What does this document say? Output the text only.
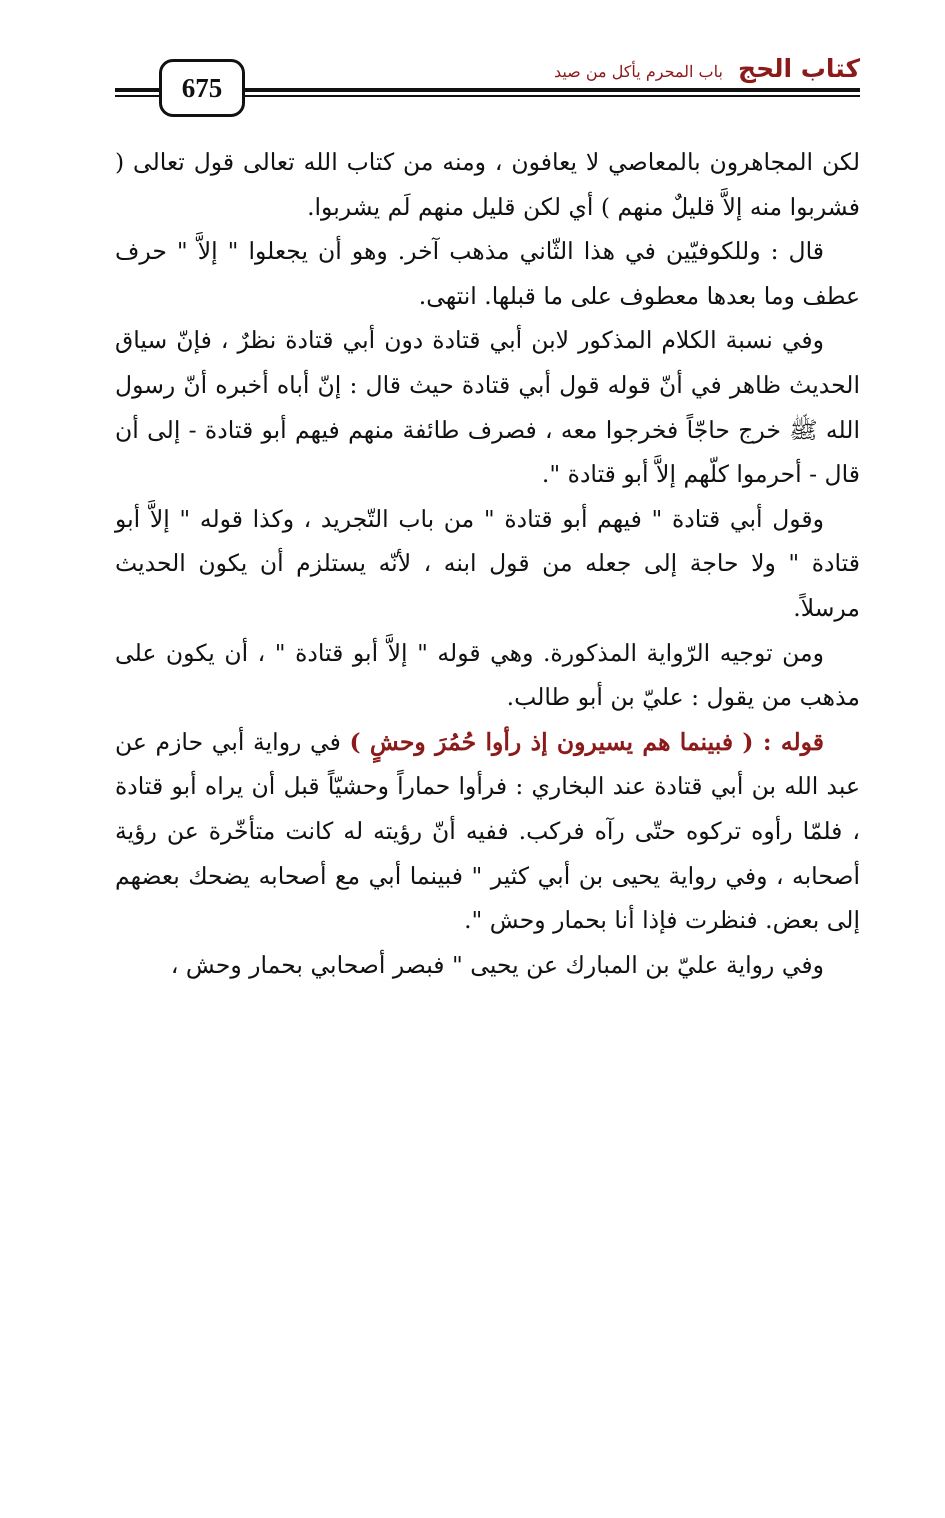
675
كتاب الحج باب المحرم يأكل من صيد

لكن المجاهرون بالمعاصي لا يعافون ، ومنه من كتاب الله تعالى قول تعالى ( فشربوا منه إلاَّ قليلٌ منهم ) أي لكن قليل منهم لَم يشربوا.

قال : وللكوفيّين في هذا الثّاني مذهب آخر. وهو أن يجعلوا " إلاَّ " حرف عطف وما بعدها معطوف على ما قبلها. انتهى.

وفي نسبة الكلام المذكور لابن أبي قتادة دون أبي قتادة نظرٌ ، فإنّ سياق الحديث ظاهر في أنّ قوله قول أبي قتادة حيث قال : إنّ أباه أخبره أنّ رسول الله ﷺ خرج حاجّاً فخرجوا معه ، فصرف طائفة منهم فيهم أبو قتادة - إلى أن قال - أحرموا كلّهم إلاَّ أبو قتادة ".

وقول أبي قتادة " فيهم أبو قتادة " من باب التّجريد ، وكذا قوله " إلاَّ أبو قتادة " ولا حاجة إلى جعله من قول ابنه ، لأنّه يستلزم أن يكون الحديث مرسلاً.

ومن توجيه الرّواية المذكورة. وهي قوله " إلاَّ أبو قتادة " ، أن يكون على مذهب من يقول : عليّ بن أبو طالب.

قوله : ( فبينما هم يسيرون إذ رأوا حُمُرَ وحشٍ ) في رواية أبي حازم عن عبد الله بن أبي قتادة عند البخاري : فرأوا حماراً وحشيّاً قبل أن يراه أبو قتادة ، فلمّا رأوه تركوه حتّى رآه فركب. ففيه أنّ رؤيته له كانت متأخّرة عن رؤية أصحابه ، وفي رواية يحيى بن أبي كثير " فبينما أبي مع أصحابه يضحك بعضهم إلى بعض. فنظرت فإذا أنا بحمار وحش ".

وفي رواية عليّ بن المبارك عن يحيى " فبصر أصحابي بحمار وحش ،
